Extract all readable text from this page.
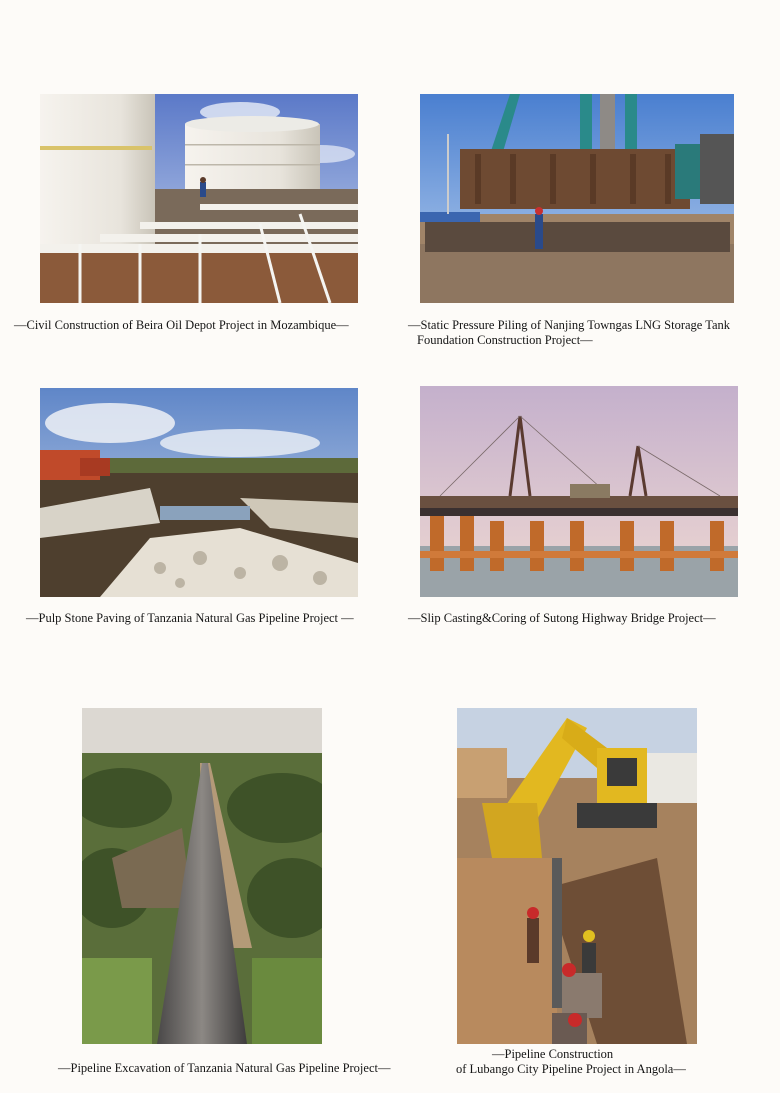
—Civil Construction of Beira Oil Depot Project in Mozambique—	—Static Pressure Piling of Nanjing Towngas LNG Storage Tank
Foundation Construction Project—
—Pulp Stone Paving of Tanzania Natural Gas Pipeline Project —	—Slip Casting&Coring of Sutong Highway Bridge Project—
—Pipeline Excavation of Tanzania Natural Gas Pipeline Project—
—Pipeline Construction
of Lubango City Pipeline Project in Angola—
